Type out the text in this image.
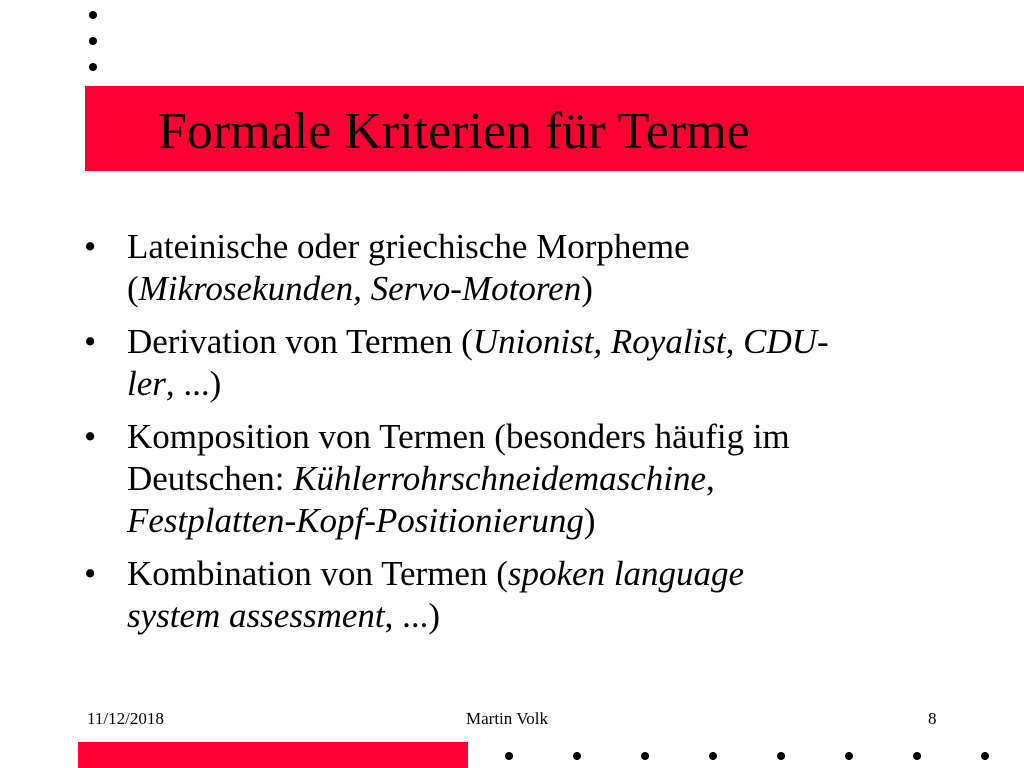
Formale Kriterien für Terme
• Lateinische oder griechische Morpheme
(Mikrosekunden, Servo-Motoren)
• Derivation von Termen (Unionist, Royalist, CDU-
ler, ...)
• Komposition von Termen (besonders häufig im
Deutschen: Kühlerrohrschneidemaschine,
Festplatten-Kopf-Positionierung)
• Kombination von Termen (spoken language
system assessment, ...)
11/12/2018	Martin Volk	8
